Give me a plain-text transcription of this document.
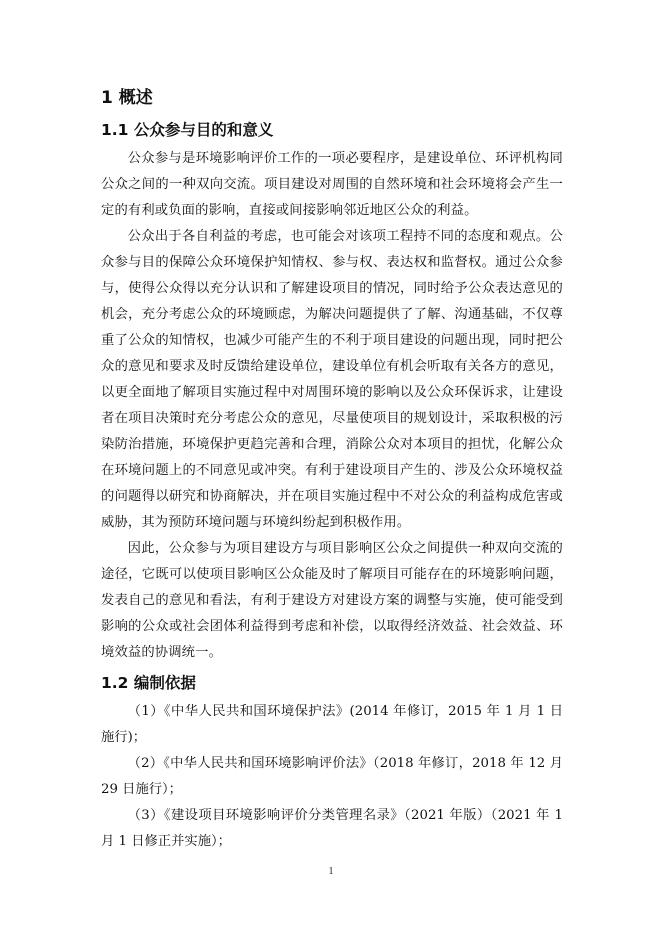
1 概述
1.1 公众参与目的和意义

公众参与是环境影响评价工作的一项必要程序，是建设单位、环评机构同公众之间的一种双向交流。项目建设对周围的自然环境和社会环境将会产生一定的有利或负面的影响，直接或间接影响邻近地区公众的利益。

公众出于各自利益的考虑，也可能会对该项工程持不同的态度和观点。公众参与目的保障公众环境保护知情权、参与权、表达权和监督权。通过公众参与，使得公众得以充分认识和了解建设项目的情况，同时给予公众表达意见的机会，充分考虑公众的环境顾虑，为解决问题提供了了解、沟通基础，不仅尊重了公众的知情权，也减少可能产生的不利于项目建设的问题出现，同时把公众的意见和要求及时反馈给建设单位，建设单位有机会听取有关各方的意见，以更全面地了解项目实施过程中对周围环境的影响以及公众环保诉求，让建设者在项目决策时充分考虑公众的意见，尽量使项目的规划设计，采取积极的污染防治措施，环境保护更趋完善和合理，消除公众对本项目的担忧，化解公众在环境问题上的不同意见或冲突。有利于建设项目产生的、涉及公众环境权益的问题得以研究和协商解决，并在项目实施过程中不对公众的利益构成危害或威胁，其为预防环境问题与环境纠纷起到积极作用。

因此，公众参与为项目建设方与项目影响区公众之间提供一种双向交流的途径，它既可以使项目影响区公众能及时了解项目可能存在的环境影响问题，发表自己的意见和看法，有利于建设方对建设方案的调整与实施，使可能受到影响的公众或社会团体利益得到考虑和补偿，以取得经济效益、社会效益、环境效益的协调统一。

1.2 编制依据

（1）《中华人民共和国环境保护法》(2014 年修订，2015 年 1 月 1 日施行)；

（2）《中华人民共和国环境影响评价法》（2018 年修订，2018 年 12 月 29 日施行）；

（3）《建设项目环境影响评价分类管理名录》（2021 年版）（2021 年 1 月 1 日修正并实施）；

1
